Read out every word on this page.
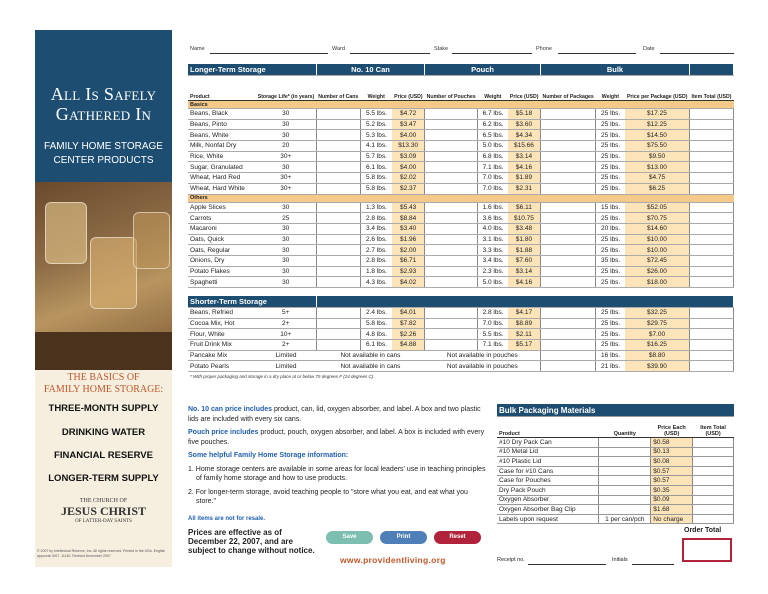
All Is Safely
Gathered In
FAMILY HOME STORAGE
CENTER PRODUCTS
THE BASICS OF
FAMILY HOME STORAGE:
THREE-MONTH SUPPLY
DRINKING WATER
FINANCIAL RESERVE
LONGER-TERM SUPPLY
THE CHURCH OF
JESUS CHRIST
OF LATTER-DAY SAINTS
© 2007 by Intellectual Reserve, Inc. All rights reserved. Printed in the USA. English approval: 8/07. 11140. Revised November 2007
Name	Ward	Stake	Phone	Date
Longer-Term Storage		No. 10 Can			Pouch			Bulk			
Product	Storage Life* (in years)	Number of Cans	Weight	Price (USD)	Number of Pouches	Weight	Price (USD)	Number of Packages	Weight	Price per Package (USD)	Item Total (USD)
Basics											
Beans, Black	30		5.5 lbs.	$4.72		6.7 lbs.	$5.18		25 lbs.	$17.25	
Beans, Pinto	30		5.2 lbs.	$3.47		6.2 lbs.	$3.60		25 lbs.	$12.25	
Beans, White	30		5.3 lbs.	$4.00		6.5 lbs.	$4.34		25 lbs.	$14.50	
Milk, Nonfat Dry	20		4.1 lbs.	$13.30		5.0 lbs.	$15.66		25 lbs.	$75.50	
Rice, White	30+		5.7 lbs.	$3.09		6.8 lbs.	$3.14		25 lbs.	$9.50	
Sugar, Granulated	30		6.1 lbs.	$4.00		7.1 lbs.	$4.16		25 lbs.	$13.00	
Wheat, Hard Red	30+		5.8 lbs.	$2.02		7.0 lbs.	$1.89		25 lbs.	$4.75	
Wheat, Hard White	30+		5.8 lbs.	$2.37		7.0 lbs.	$2.31		25 lbs.	$6.25	
Others											
Apple Slices	30		1.3 lbs.	$5.43		1.6 lbs.	$6.11		15 lbs.	$52.05	
Carrots	25		2.8 lbs.	$8.84		3.6 lbs.	$10.75		25 lbs.	$70.75	
Macaroni	30		3.4 lbs.	$3.40		4.0 lbs.	$3.48		20 lbs.	$14.60	
Oats, Quick	30		2.6 lbs.	$1.96		3.1 lbs.	$1.80		25 lbs.	$10.00	
Oats, Regular	30		2.7 lbs.	$2.00		3.3 lbs.	$1.88		25 lbs.	$10.00	
Onions, Dry	30		2.8 lbs.	$6.71		3.4 lbs.	$7.60		35 lbs.	$72.45	
Potato Flakes	30		1.8 lbs.	$2.93		2.3 lbs.	$3.14		25 lbs.	$26.00	
Spaghetti	30		4.3 lbs.	$4.02		5.0 lbs.	$4.16		25 lbs.	$18.00	

Shorter-Term Storage											
Beans, Refried	5+		2.4 lbs.	$4.01		2.8 lbs.	$4.17		25 lbs.	$32.25	
Cocoa Mix, Hot	2+		5.8 lbs.	$7.82		7.0 lbs.	$8.89		25 lbs.	$29.75	
Flour, White	10+		4.8 lbs.	$2.26		5.5 lbs.	$2.11		25 lbs.	$7.00	
Fruit Drink Mix	2+		6.1 lbs.	$4.88		7.1 lbs.	$5.17		25 lbs.	$16.25	
Pancake Mix	Limited	Not available in cans			Not available in pouches				16 lbs.	$8.80	
Potato Pearls	Limited	Not available in cans			Not available in pouches				21 lbs.	$39.90	
* With proper packaging and storage in a dry place at or below 75 degrees F (24 degrees C).											
No. 10 can price includes product, can, lid, oxygen absorber, and label. A box and two plastic lids are included with every six cans.
Pouch price includes product, pouch, oxygen absorber, and label. A box is included with every five pouches.
Some helpful Family Home Storage information:
1. Home storage centers are available in some areas for local leaders' use in teaching principles of family home storage and how to use products.
2. For longer-term storage, avoid teaching people to "store what you eat, and eat what you store."
All items are not for resale.
Prices are effective as of December 22, 2007, and are subject to change without notice.
www.providentliving.org
Save	Print	Reset
Bulk Packaging Materials			
Product	Quantity	Price Each (USD)	Item Total (USD)
#10 Dry Pack Can		$0.58	
#10 Metal Lid		$0.13	
#10 Plastic Lid		$0.08	
Case for #10 Cans		$0.57	
Case for Pouches		$0.57	
Dry Pack Pouch		$0.35	
Oxygen Absorber		$0.09	
Oxygen Absorber Bag Clip		$1.68	
Labels upon request	1 per can/pch	No charge	
Order Total
Receipt no.	Initials
